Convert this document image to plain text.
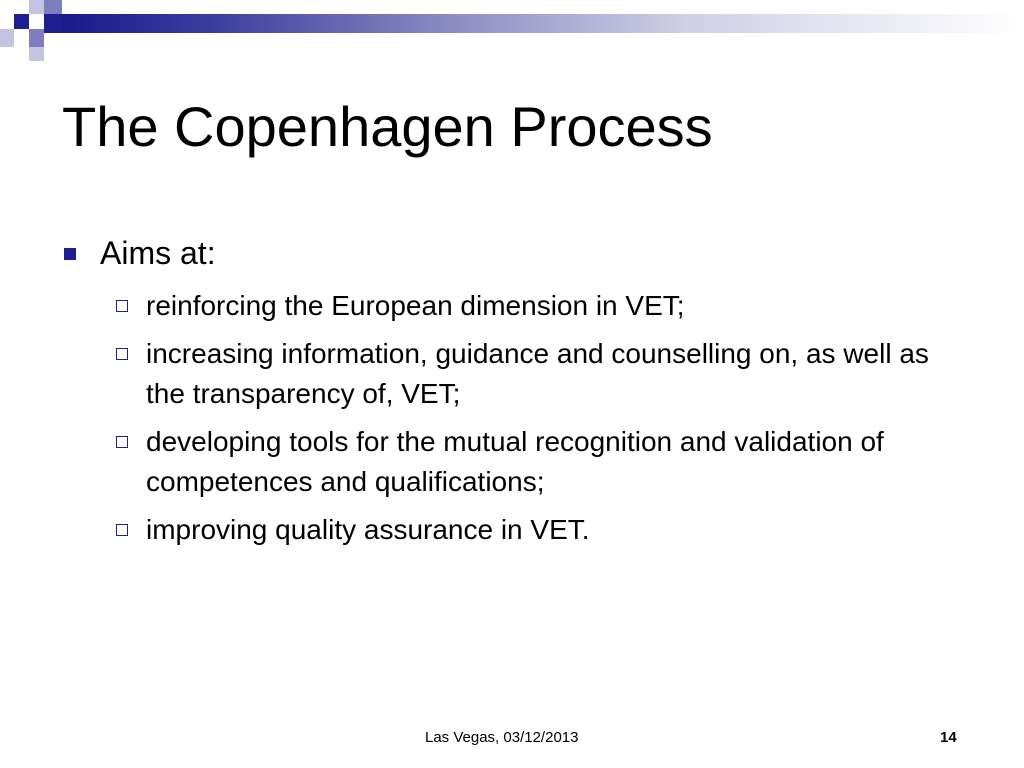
The Copenhagen Process
Aims at:
reinforcing the European dimension in VET;
increasing information, guidance and counselling on, as well as the transparency of, VET;
developing tools for the mutual recognition and validation of competences and qualifications;
improving quality assurance in VET.
Las Vegas, 03/12/2013	14
